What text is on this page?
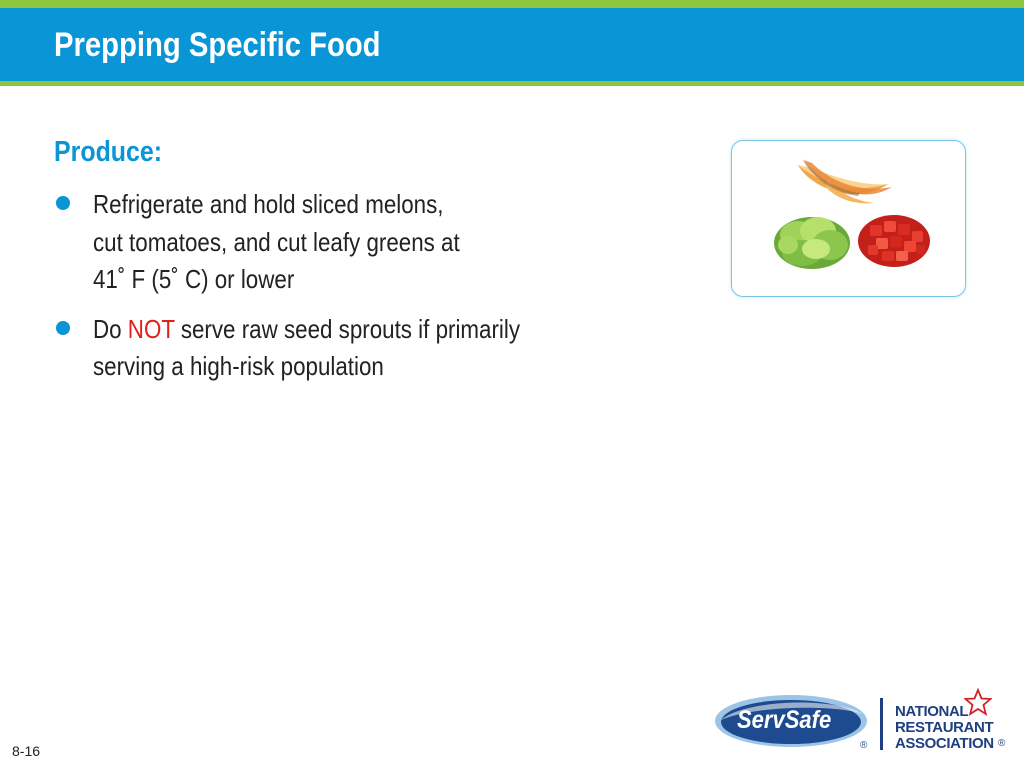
Prepping Specific Food
Produce:
Refrigerate and hold sliced melons,
cut tomatoes, and cut leafy greens at
41˚ F (5˚ C) or lower
Do NOT serve raw seed sprouts if primarily
serving a high-risk population

8-16

ServSafe
®

NATIONAL
RESTAURANT
ASSOCIATION ®
